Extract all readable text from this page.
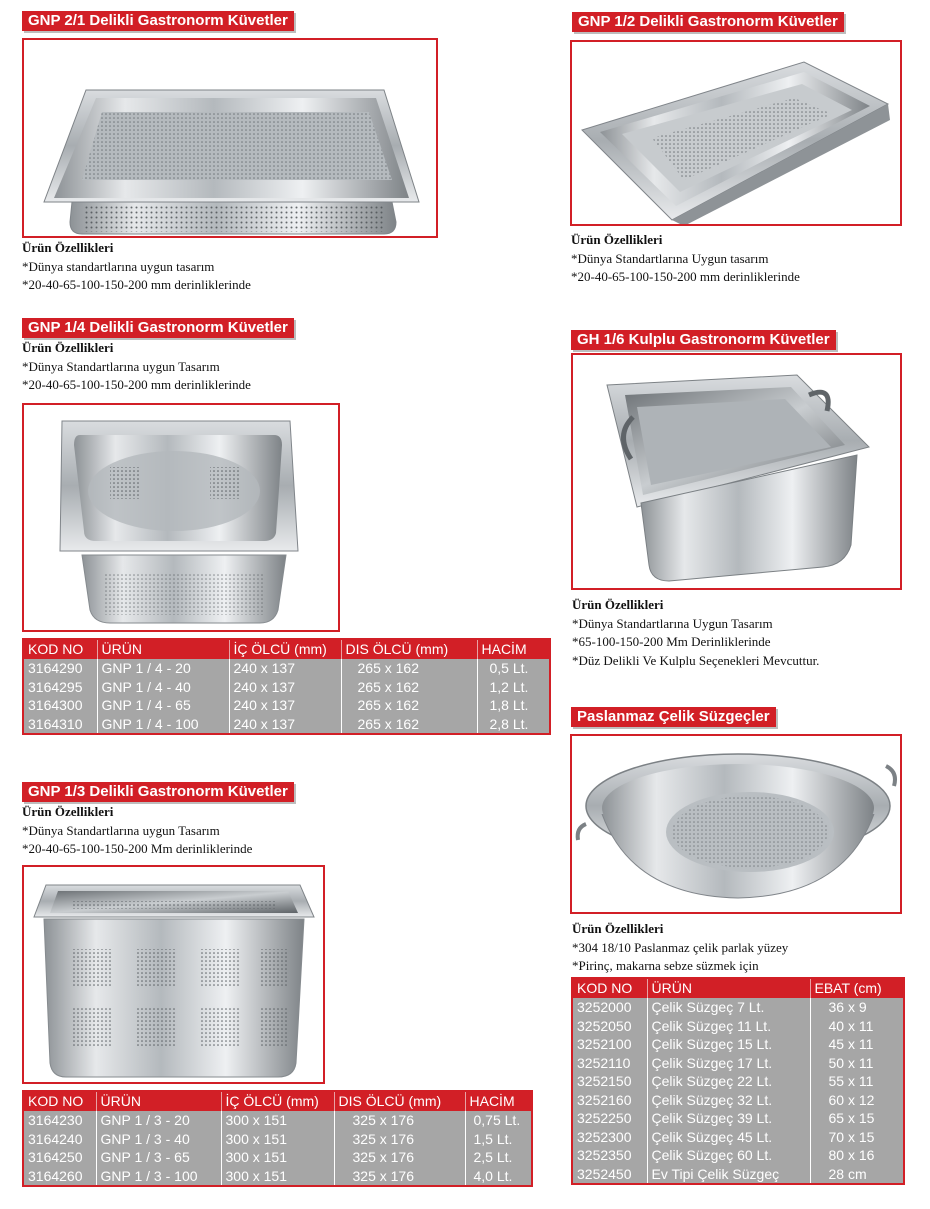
GNP 2/1 Delikli Gastronorm Küvetler
Ürün Özellikleri
*Dünya standartlarına uygun tasarım
*20-40-65-100-150-200 mm derinliklerinde
GNP 1/2 Delikli Gastronorm Küvetler
Ürün Özellikleri
*Dünya Standartlarına Uygun tasarım
*20-40-65-100-150-200 mm derinliklerinde
GNP 1/4 Delikli Gastronorm Küvetler
Ürün Özellikleri
*Dünya Standartlarına uygun Tasarım
*20-40-65-100-150-200 mm derinliklerinde
KOD NO	ÜRÜN	İÇ ÖLCÜ (mm)	DIS ÖLCÜ (mm)	HACİM
3164290	GNP 1 / 4 - 20	240 x 137	265 x 162	0,5 Lt.
3164295	GNP 1 / 4 - 40	240 x 137	265 x 162	1,2 Lt.
3164300	GNP 1 / 4 - 65	240 x 137	265 x 162	1,8 Lt.
3164310	GNP 1 / 4 - 100	240 x 137	265 x 162	2,8 Lt.
GH 1/6 Kulplu Gastronorm Küvetler
Ürün Özellikleri
*Dünya Standartlarına Uygun Tasarım
*65-100-150-200 Mm Derinliklerinde
*Düz Delikli Ve Kulplu Seçenekleri Mevcuttur.
Paslanmaz Çelik Süzgeçler
Ürün Özellikleri
*304 18/10 Paslanmaz çelik parlak yüzey
*Pirinç, makarna sebze süzmek için
KOD NO	ÜRÜN	EBAT (cm)
3252000	Çelik Süzgeç 7 Lt.	36 x 9
3252050	Çelik Süzgeç 11 Lt.	40 x 11
3252100	Çelik Süzgeç 15 Lt.	45 x 11
3252110	Çelik Süzgeç 17 Lt.	50 x 11
3252150	Çelik Süzgeç 22 Lt.	55 x 11
3252160	Çelik Süzgeç 32 Lt.	60 x 12
3252250	Çelik Süzgeç 39 Lt.	65 x 15
3252300	Çelik Süzgeç 45 Lt.	70 x 15
3252350	Çelik Süzgeç 60 Lt.	80 x 16
3252450	Ev Tipi Çelik Süzgeç	28 cm
GNP 1/3 Delikli Gastronorm Küvetler
Ürün Özellikleri
*Dünya Standartlarına uygun Tasarım
*20-40-65-100-150-200 Mm derinliklerinde
KOD NO	ÜRÜN	İÇ ÖLCÜ (mm)	DIS ÖLCÜ (mm)	HACİM
3164230	GNP 1 / 3 - 20	300 x 151	325 x 176	0,75 Lt.
3164240	GNP 1 / 3 - 40	300 x 151	325 x 176	1,5 Lt.
3164250	GNP 1 / 3 - 65	300 x 151	325 x 176	2,5 Lt.
3164260	GNP 1 / 3 - 100	300 x 151	325 x 176	4,0 Lt.
